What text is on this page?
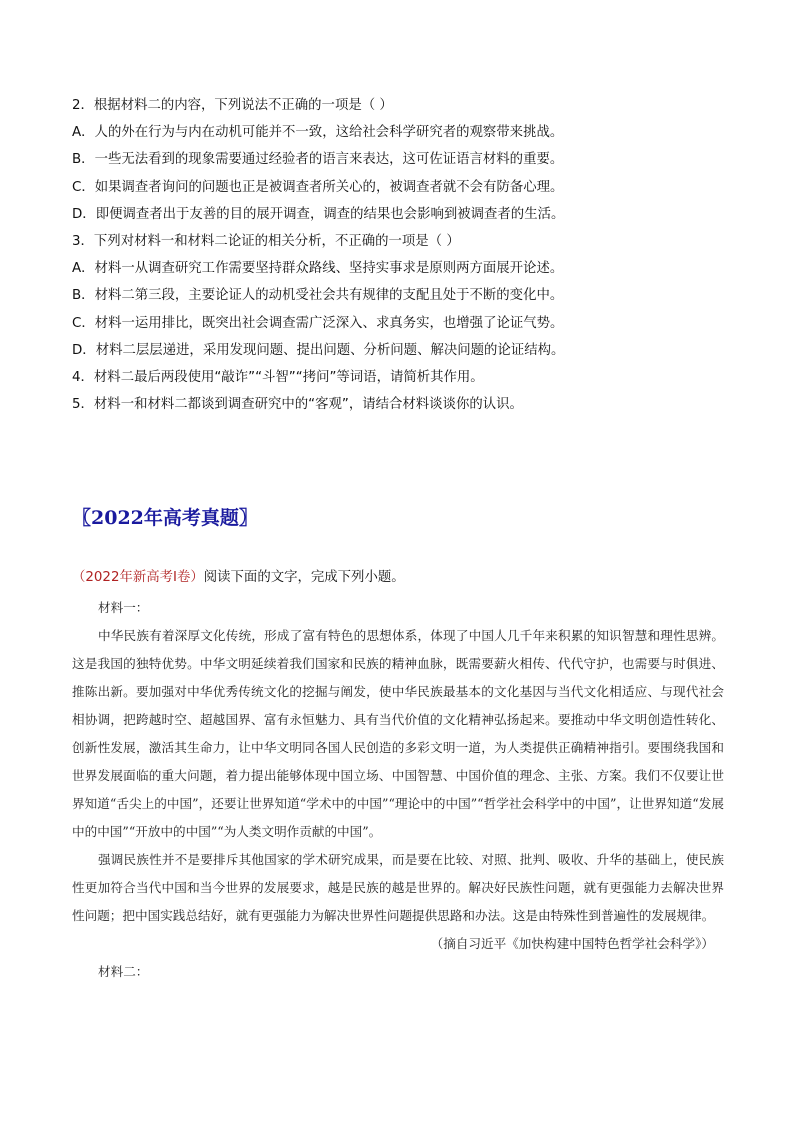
2．根据材料二的内容，下列说法不正确的一项是（ ）
A．人的外在行为与内在动机可能并不一致，这给社会科学研究者的观察带来挑战。
B．一些无法看到的现象需要通过经验者的语言来表达，这可佐证语言材料的重要。
C．如果调查者询问的问题也正是被调查者所关心的，被调查者就不会有防备心理。
D．即便调查者出于友善的目的展开调查，调查的结果也会影响到被调查者的生活。
3．下列对材料一和材料二论证的相关分析，不正确的一项是（ ）
A．材料一从调查研究工作需要坚持群众路线、坚持实事求是原则两方面展开论述。
B．材料二第三段，主要论证人的动机受社会共有规律的支配且处于不断的变化中。
C．材料一运用排比，既突出社会调查需广泛深入、求真务实，也增强了论证气势。
D．材料二层层递进，采用发现问题、提出问题、分析问题、解决问题的论证结构。
4．材料二最后两段使用“敲诈”“斗智”“拷问”等词语，请简析其作用。
5．材料一和材料二都谈到调查研究中的“客观”，请结合材料谈谈你的认识。
〖2022年高考真题〗
（2022年新高考Ⅰ卷）阅读下面的文字，完成下列小题。
材料一：

中华民族有着深厚文化传统，形成了富有特色的思想体系，体现了中国人几千年来积累的知识智慧和理性思辨。这是我国的独特优势。中华文明延续着我们国家和民族的精神血脉，既需要薪火相传、代代守护，也需要与时俱进、推陈出新。要加强对中华优秀传统文化的挖掘与阐发，使中华民族最基本的文化基因与当代文化相适应、与现代社会相协调，把跨越时空、超越国界、富有永恒魅力、具有当代价值的文化精神弘扬起来。要推动中华文明创造性转化、创新性发展，激活其生命力，让中华文明同各国人民创造的多彩文明一道，为人类提供正确精神指引。要围绕我国和世界发展面临的重大问题，着力提出能够体现中国立场、中国智慧、中国价值的理念、主张、方案。我们不仅要让世界知道“舌尖上的中国”，还要让世界知道“学术中的中国”“理论中的中国”“哲学社会科学中的中国”，让世界知道“发展中的中国”“开放中的中国”“为人类文明作贡献的中国”。

强调民族性并不是要排斥其他国家的学术研究成果，而是要在比较、对照、批判、吸收、升华的基础上，使民族性更加符合当代中国和当今世界的发展要求，越是民族的越是世界的。解决好民族性问题，就有更强能力去解决世界性问题；把中国实践总结好，就有更强能力为解决世界性问题提供思路和办法。这是由特殊性到普遍性的发展规律。

（摘自习近平《加快构建中国特色哲学社会科学》）
材料二：
